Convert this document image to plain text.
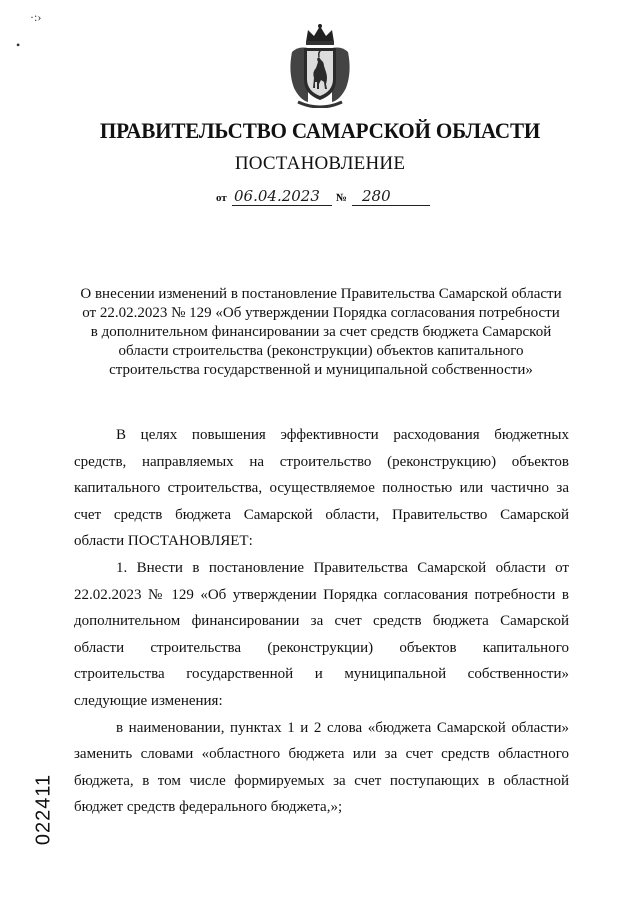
·:›
•
ПРАВИТЕЛЬСТВО САМАРСКОЙ ОБЛАСТИ
ПОСТАНОВЛЕНИЕ
от 06.04.2023 № 280
О внесении изменений в постановление Правительства Самарской области
от 22.02.2023 № 129 «Об утверждении Порядка согласования потребности
в дополнительном финансировании за счет средств бюджета Самарской
области строительства (реконструкции) объектов капитального
строительства государственной и муниципальной собственности»

В целях повышения эффективности расходования бюджетных средств, направляемых на строительство (реконструкцию) объектов капитального строительства, осуществляемое полностью или частично за счет средств бюджета Самарской области, Правительство Самарской области ПОСТАНОВЛЯЕТ:

1. Внести в постановление Правительства Самарской области от 22.02.2023 № 129 «Об утверждении Порядка согласования потребности в дополнительном финансировании за счет средств бюджета Самарской области строительства (реконструкции) объектов капитального строительства государственной и муниципальной собственности» следующие изменения:

в наименовании, пунктах 1 и 2 слова «бюджета Самарской области» заменить словами «областного бюджета или за счет средств областного бюджета, в том числе формируемых за счет поступающих в областной бюджет средств федерального бюджета,»;

022411
